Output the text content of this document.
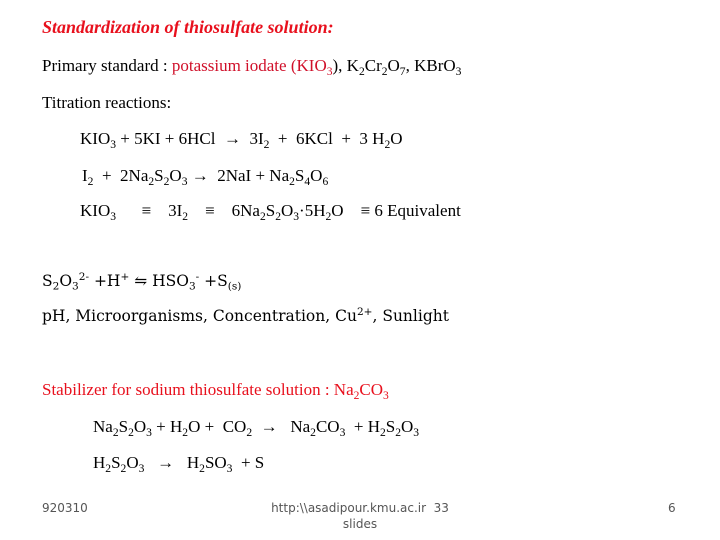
Standardization of thiosulfate solution:
Primary standard : potassium iodate $(KIO_3)$, $K_2Cr_2O_7$, KBrO$_3$
Titration reactions:
$KIO_3 + 5KI + 6HCl \to 3I_2 + 6KCl + 3$ $H_2O$
$I_2 + 2Na_2S_2O_3 \to 2NaI + Na_2S_4O_6$
$KIO_3$      ≡    $3I_2$    ≡    $6Na_2S_2O_3\cdot 5H_2O$    ≡ 6 Equivalent
$S_2O_3^{2-} +H^+$ ⇋ $HSO_3^- +S_{(s)}$
pH, Microorganisms, Concentration, $Cu^{2+}$, Sunlight
Stabilizer for sodium thiosulfate solution : $Na_2CO_3$
$Na_2S_2O_3 + H_2O + CO_2 \to Na_2CO_3 + H_2S_2O_3$
$H_2S_2O_3 \to H_2SO_3 + S$
920310	http:\\asadipour.kmu.ac.ir  33
slides
6
